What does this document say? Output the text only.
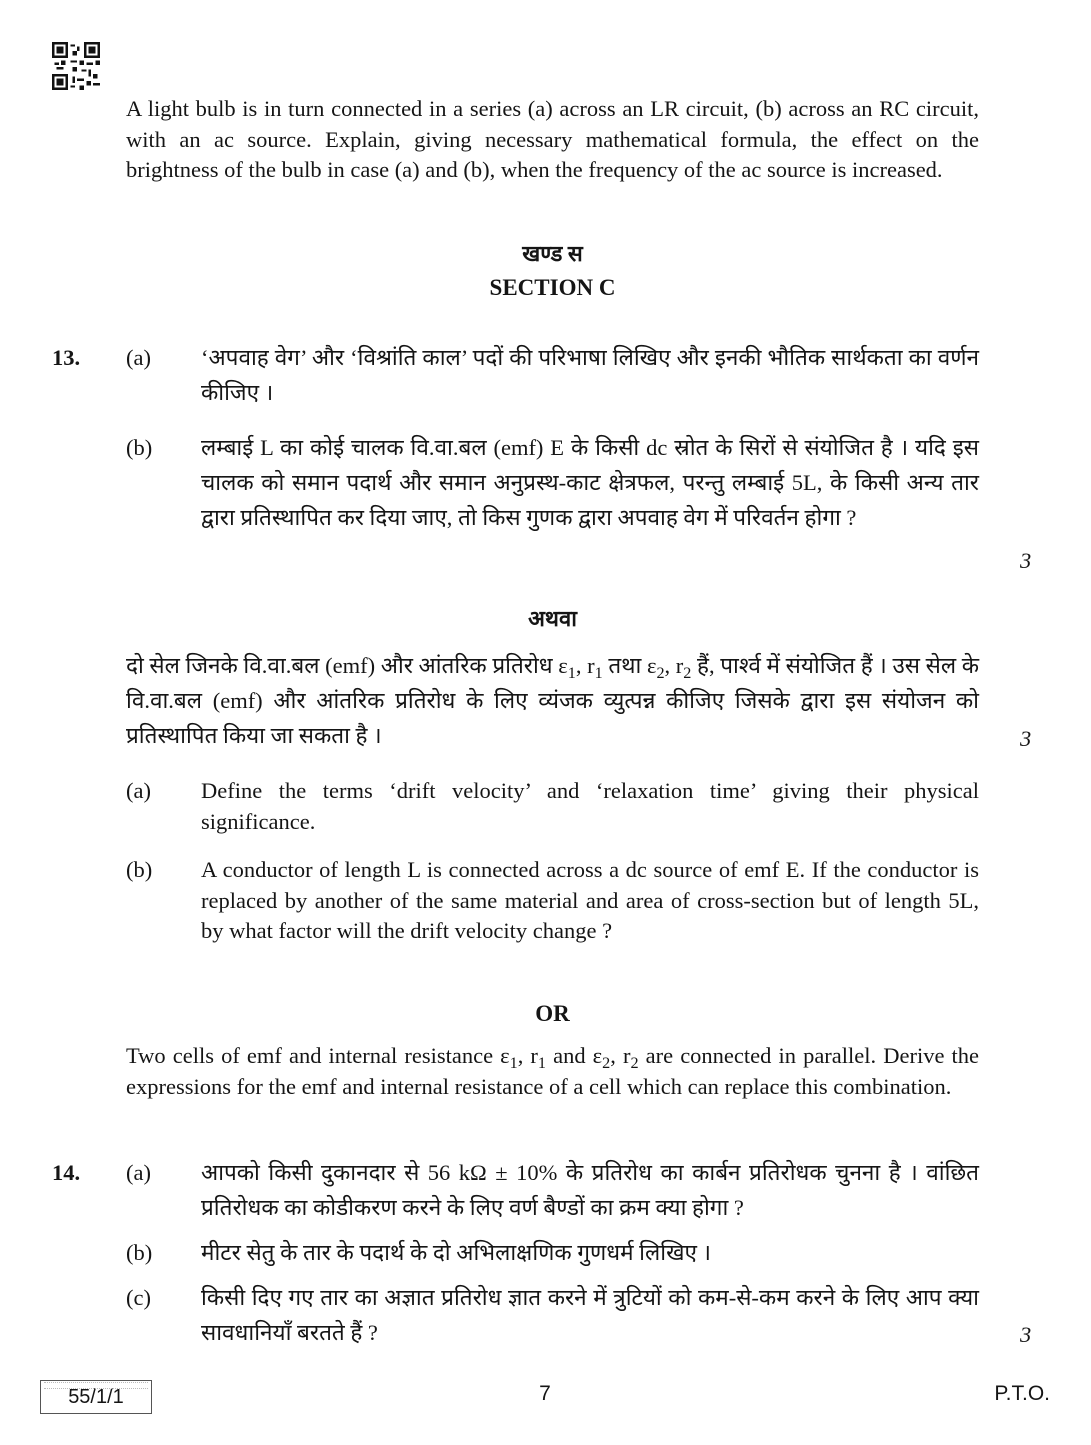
A light bulb is in turn connected in a series (a) across an LR circuit, (b) across an RC circuit, with an ac source. Explain, giving necessary mathematical formula, the effect on the brightness of the bulb in case (a) and (b), when the frequency of the ac source is increased.

खण्ड स

SECTION C

13. (a) ‘अपवाह वेग’ और ‘विश्रांति काल’ पदों की परिभाषा लिखिए और इनकी भौतिक सार्थकता का वर्णन कीजिए ।

(b) लम्बाई L का कोई चालक वि.वा.बल (emf) E के किसी dc स्रोत के सिरों से संयोजित है । यदि इस चालक को समान पदार्थ और समान अनुप्रस्थ-काट क्षेत्रफल, परन्तु लम्बाई 5L, के किसी अन्य तार द्वारा प्रतिस्थापित कर दिया जाए, तो किस गुणक द्वारा अपवाह वेग में परिवर्तन होगा ?

3

अथवा

दो सेल जिनके वि.वा.बल (emf) और आंतरिक प्रतिरोध $\varepsilon_1$, $r_1$ तथा $\varepsilon_2$, $r_2$ हैं, पार्श्व में संयोजित हैं । उस सेल के वि.वा.बल (emf) और आंतरिक प्रतिरोध के लिए व्यंजक व्युत्पन्न कीजिए जिसके द्वारा इस संयोजन को प्रतिस्थापित किया जा सकता है ।	3
(a) Define the terms ‘drift velocity’ and ‘relaxation time’ giving their physical significance.

(b) A conductor of length L is connected across a dc source of emf E. If the conductor is replaced by another of the same material and area of cross-section but of length 5L, by what factor will the drift velocity change ?

OR

Two cells of emf and internal resistance $\varepsilon_1$, $r_1$ and $\varepsilon_2$, $r_2$ are connected in parallel. Derive the expressions for the emf and internal resistance of a cell which can replace this combination.

14. (a) आपको किसी दुकानदार से 56 kΩ ± 10% के प्रतिरोध का कार्बन प्रतिरोधक चुनना है । वांछित प्रतिरोधक का कोडीकरण करने के लिए वर्ण बैण्डों का क्रम क्या होगा ?

(b) मीटर सेतु के तार के पदार्थ के दो अभिलाक्षणिक गुणधर्म लिखिए ।

(c) किसी दिए गए तार का अज्ञात प्रतिरोध ज्ञात करने में त्रुटियों को कम-से-कम करने के लिए आप क्या सावधानियाँ बरतते हैं ?	3
55/1/1	7	P.T.O.
